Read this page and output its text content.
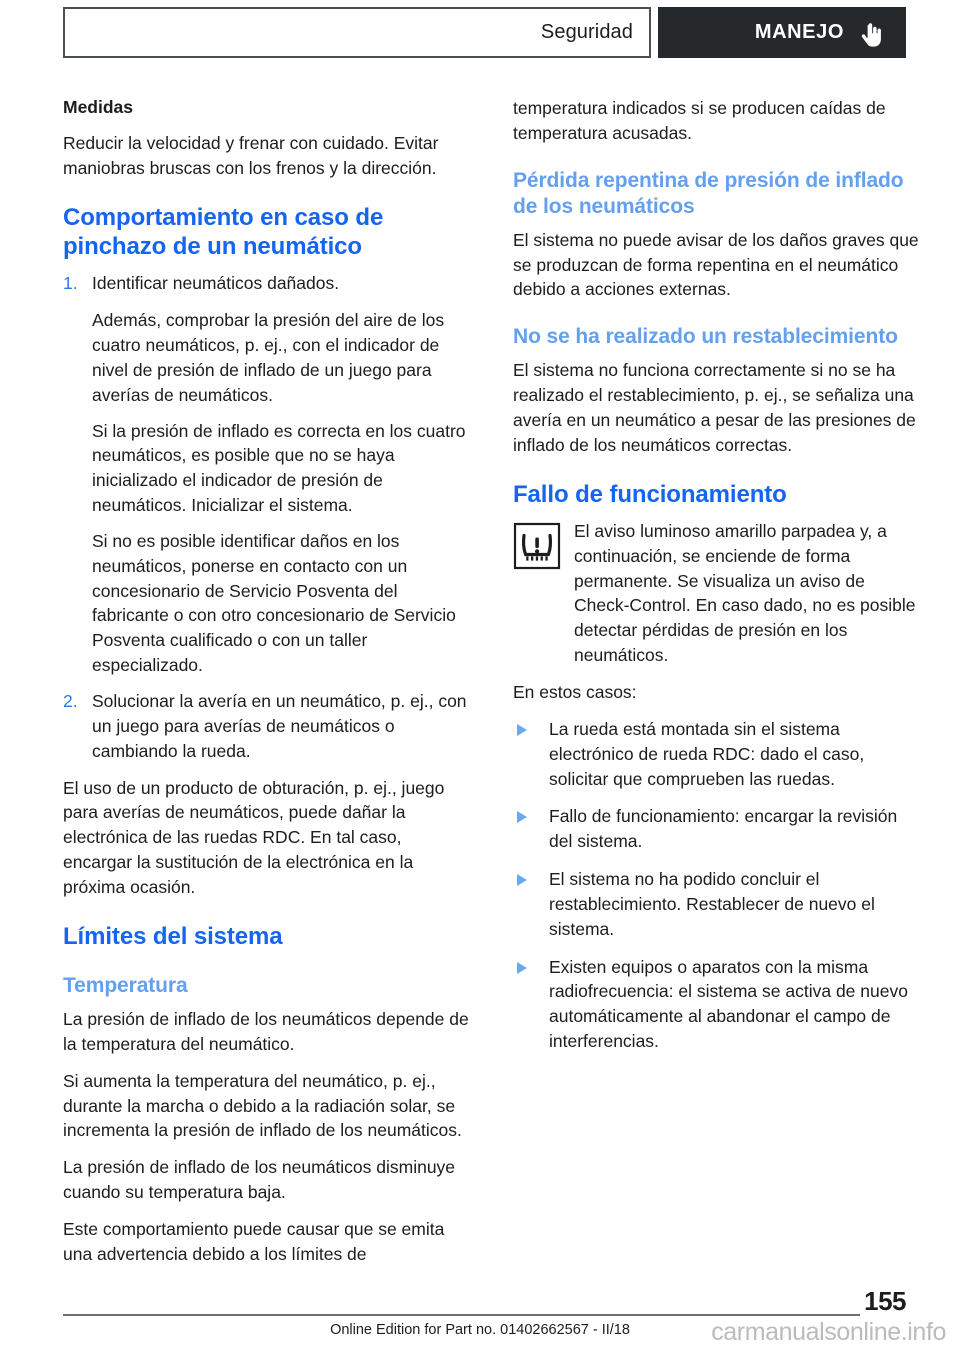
Seguridad	MANEJO
Medidas

Reducir la velocidad y frenar con cuidado. Evitar maniobras bruscas con los frenos y la dirección.

Comportamiento en caso de pinchazo de un neumático
1. Identificar neumáticos dañados.

Además, comprobar la presión del aire de los cuatro neumáticos, p. ej., con el indicador de nivel de presión de inflado de un juego para averías de neumáticos.

Si la presión de inflado es correcta en los cuatro neumáticos, es posible que no se haya inicializado el indicador de presión de neumáticos. Inicializar el sistema.

Si no es posible identificar daños en los neumáticos, ponerse en contacto con un concesionario de Servicio Posventa del fabricante o con otro concesionario de Servicio Posventa cualificado o con un taller especializado.

2. Solucionar la avería en un neumático, p. ej., con un juego para averías de neumáticos o cambiando la rueda.

El uso de un producto de obturación, p. ej., juego para averías de neumáticos, puede dañar la electrónica de las ruedas RDC. En tal caso, encargar la sustitución de la electrónica en la próxima ocasión.

Límites del sistema
Temperatura

La presión de inflado de los neumáticos depende de la temperatura del neumático.

Si aumenta la temperatura del neumático, p. ej., durante la marcha o debido a la radiación solar, se incrementa la presión de inflado de los neumáticos.

La presión de inflado de los neumáticos disminuye cuando su temperatura baja.

Este comportamiento puede causar que se emita una advertencia debido a los límites de

temperatura indicados si se producen caídas de temperatura acusadas.

Pérdida repentina de presión de inflado de los neumáticos

El sistema no puede avisar de los daños graves que se produzcan de forma repentina en el neumático debido a acciones externas.

No se ha realizado un restablecimiento

El sistema no funciona correctamente si no se ha realizado el restablecimiento, p. ej., se señaliza una avería en un neumático a pesar de las presiones de inflado de los neumáticos correctas.

Fallo de funcionamiento
El aviso luminoso amarillo parpadea y, a continuación, se enciende de forma permanente. Se visualiza un aviso de Check-Control. En caso dado, no es posible detectar pérdidas de presión en los neumáticos.

En estos casos:

La rueda está montada sin el sistema electrónico de rueda RDC: dado el caso, solicitar que comprueben las ruedas.
Fallo de funcionamiento: encargar la revisión del sistema.
El sistema no ha podido concluir el restablecimiento. Restablecer de nuevo el sistema.
Existen equipos o aparatos con la misma radiofrecuencia: el sistema se activa de nuevo automáticamente al abandonar el campo de interferencias.
155
Online Edition for Part no. 01402662567 - II/18	carmanualsonline.info
